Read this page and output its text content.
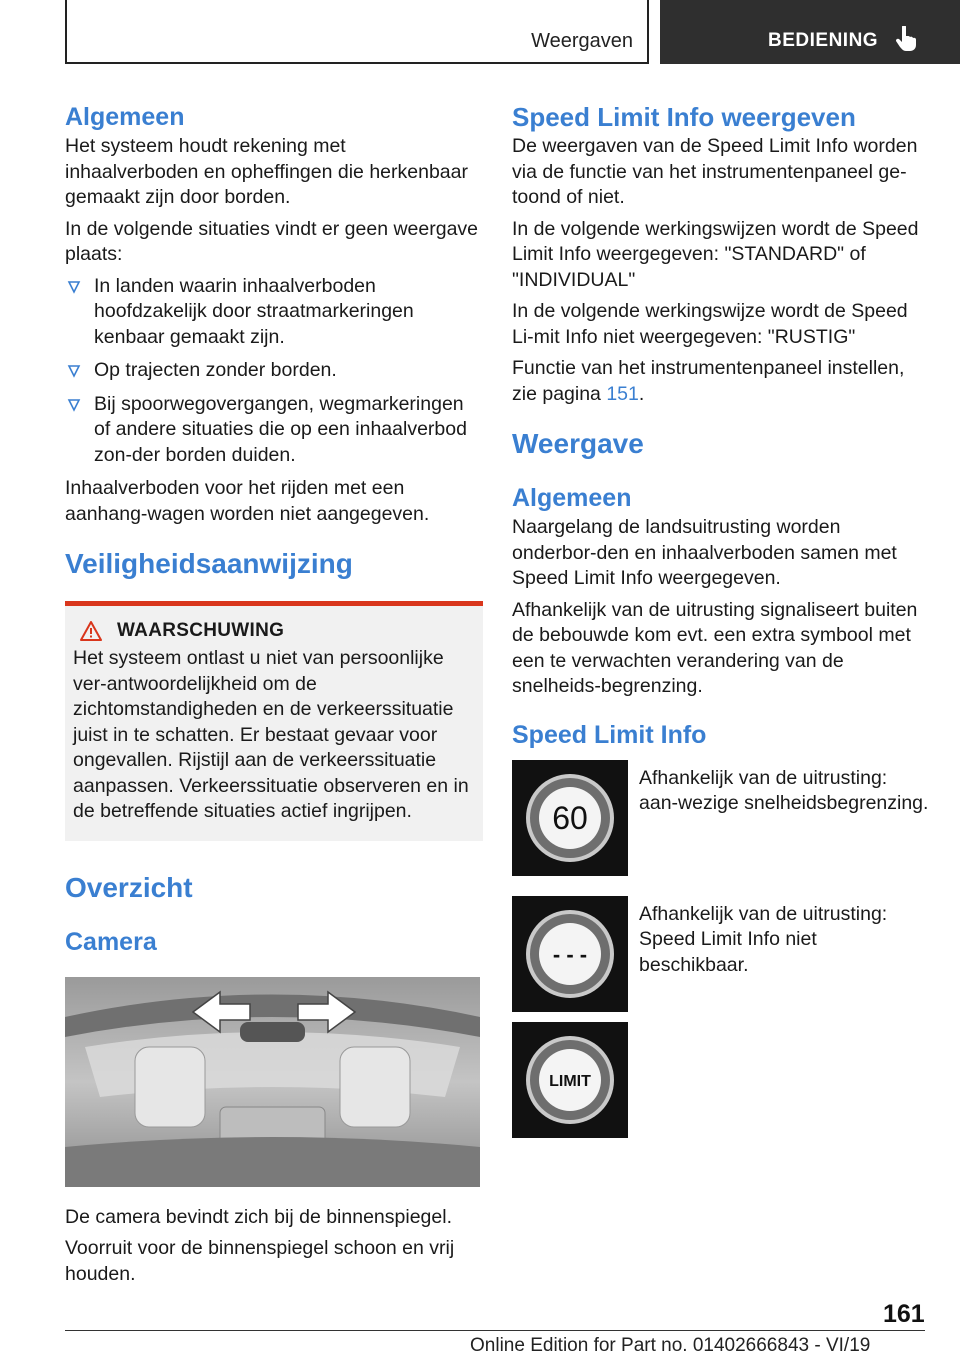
Weergaven	BEDIENING
Algemeen

Het systeem houdt rekening met inhaalverboden en opheffingen die herkenbaar gemaakt zijn door borden.

In de volgende situaties vindt er geen weergave plaats:

In landen waarin inhaalverboden hoofdzakelijk door straatmarkeringen kenbaar gemaakt zijn.
Op trajecten zonder borden.
Bij spoorwegovergangen, wegmarkeringen of andere situaties die op een inhaalverbod zon-der borden duiden.

Inhaalverboden voor het rijden met een aanhang-wagen worden niet aangegeven.

Veiligheidsaanwijzing
WAARSCHUWING

Het systeem ontlast u niet van persoonlijke ver-antwoordelijkheid om de zichtomstandigheden en de verkeerssituatie juist in te schatten. Er bestaat gevaar voor ongevallen. Rijstijl aan de verkeerssituatie aanpassen. Verkeerssituatie observeren en in de betreffende situaties actief ingrijpen.

Overzicht
Camera

De camera bevindt zich bij de binnenspiegel.

Voorruit voor de binnenspiegel schoon en vrij houden.

Speed Limit Info weergeven

De weergaven van de Speed Limit Info worden via de functie van het instrumentenpaneel ge-toond of niet.

In de volgende werkingswijzen wordt de Speed Limit Info weergegeven: "STANDARD" of "INDIVIDUAL"

In de volgende werkingswijze wordt de Speed Li-mit Info niet weergegeven: "RUSTIG"

Functie van het instrumentenpaneel instellen, zie pagina 151.

Weergave
Algemeen

Naargelang de landsuitrusting worden onderbor-den en inhaalverboden samen met Speed Limit Info weergegeven.

Afhankelijk van de uitrusting signaliseert buiten de bebouwde kom evt. een extra symbool met een te verwachten verandering van de snelheids-begrenzing.

Speed Limit Info
60

Afhankelijk van de uitrusting: aan-wezige snelheidsbegrenzing.

- - -

Afhankelijk van de uitrusting: Speed Limit Info niet beschikbaar.

LIMIT
161
Online Edition for Part no. 01402666843 - VI/19
